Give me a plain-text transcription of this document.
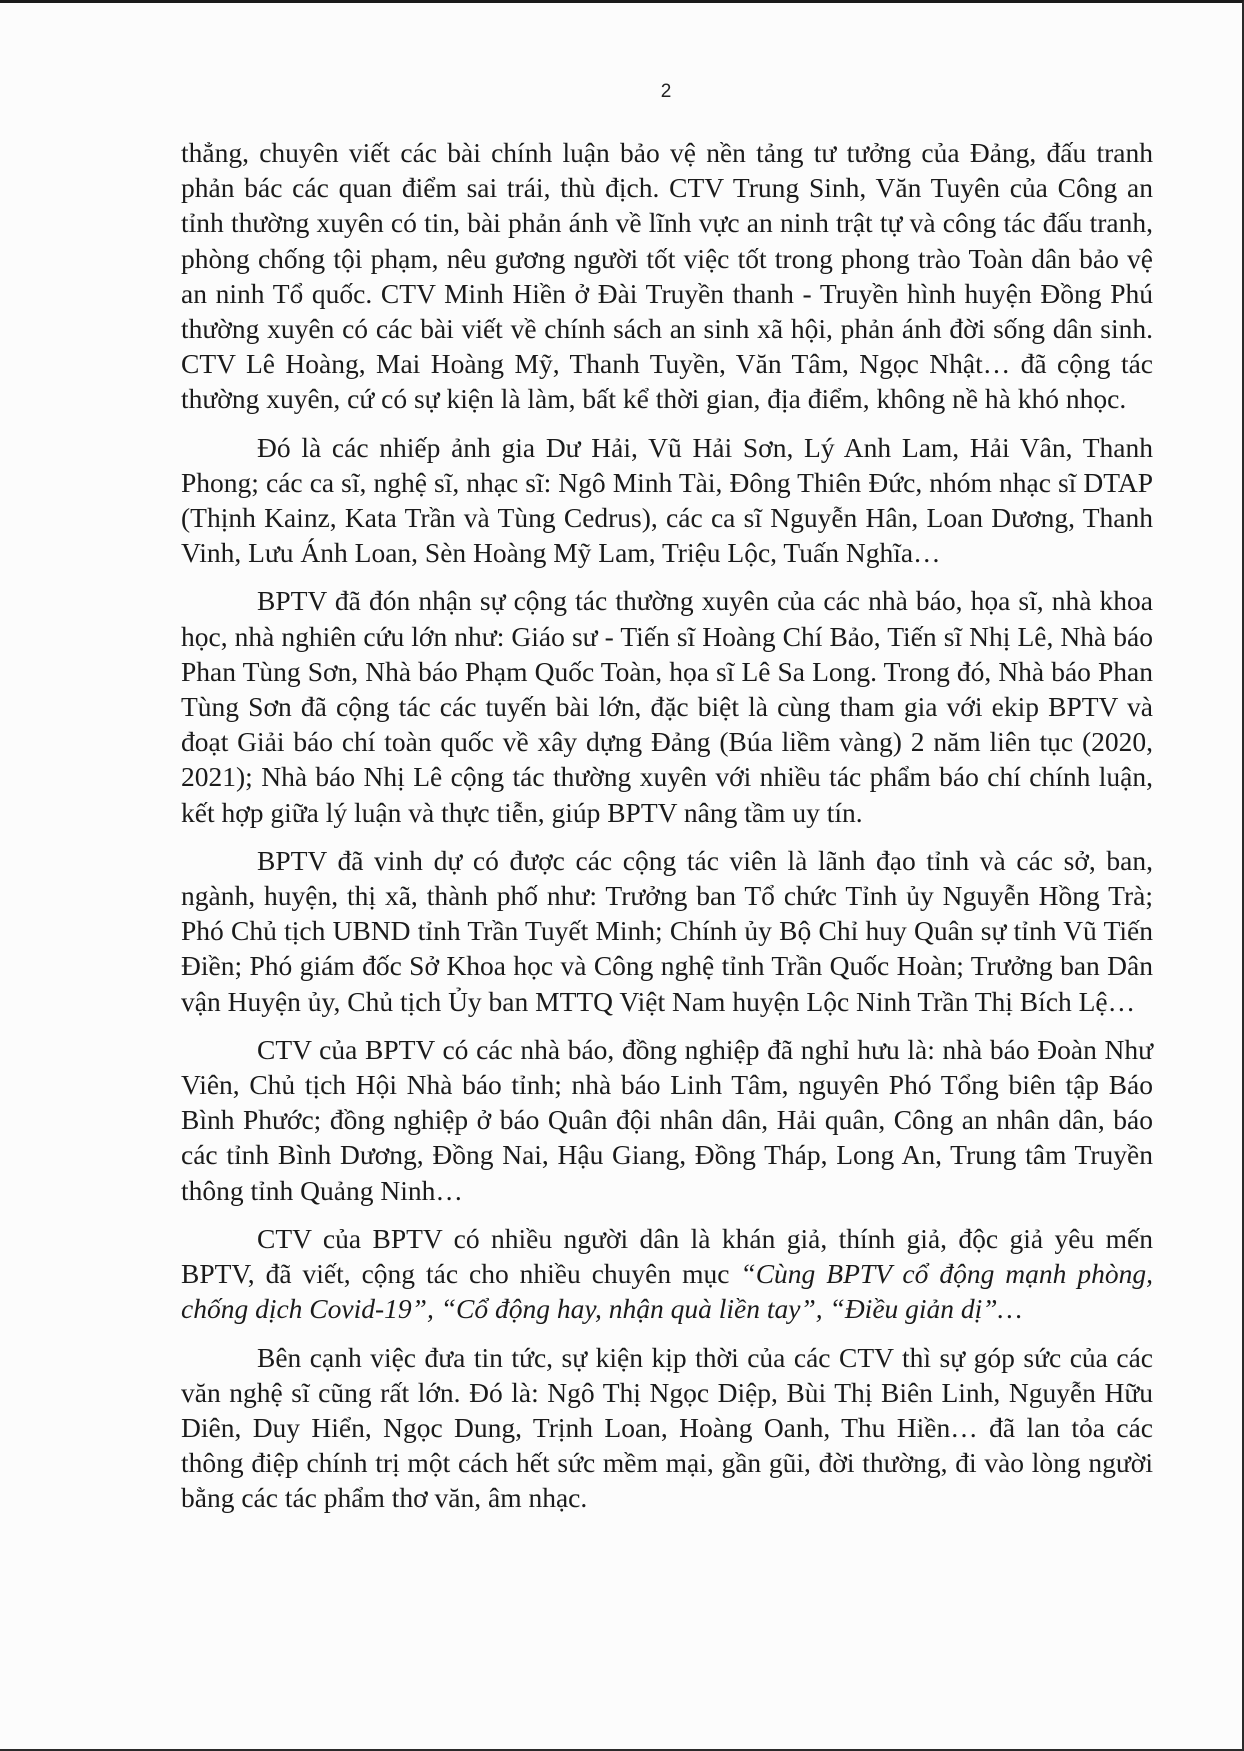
2

thẳng, chuyên viết các bài chính luận bảo vệ nền tảng tư tưởng của Đảng, đấu tranh phản bác các quan điểm sai trái, thù địch. CTV Trung Sinh, Văn Tuyên của Công an tỉnh thường xuyên có tin, bài phản ánh về lĩnh vực an ninh trật tự và công tác đấu tranh, phòng chống tội phạm, nêu gương người tốt việc tốt trong phong trào Toàn dân bảo vệ an ninh Tổ quốc. CTV Minh Hiền ở Đài Truyền thanh - Truyền hình huyện Đồng Phú thường xuyên có các bài viết về chính sách an sinh xã hội, phản ánh đời sống dân sinh. CTV Lê Hoàng, Mai Hoàng Mỹ, Thanh Tuyền, Văn Tâm, Ngọc Nhật… đã cộng tác thường xuyên, cứ có sự kiện là làm, bất kể thời gian, địa điểm, không nề hà khó nhọc.

Đó là các nhiếp ảnh gia Dư Hải, Vũ Hải Sơn, Lý Anh Lam, Hải Vân, Thanh Phong; các ca sĩ, nghệ sĩ, nhạc sĩ: Ngô Minh Tài, Đông Thiên Đức, nhóm nhạc sĩ DTAP (Thịnh Kainz, Kata Trần và Tùng Cedrus), các ca sĩ Nguyễn Hân, Loan Dương, Thanh Vinh, Lưu Ánh Loan, Sèn Hoàng Mỹ Lam, Triệu Lộc, Tuấn Nghĩa…

BPTV đã đón nhận sự cộng tác thường xuyên của các nhà báo, họa sĩ, nhà khoa học, nhà nghiên cứu lớn như: Giáo sư - Tiến sĩ Hoàng Chí Bảo, Tiến sĩ Nhị Lê, Nhà báo Phan Tùng Sơn, Nhà báo Phạm Quốc Toàn, họa sĩ Lê Sa Long. Trong đó, Nhà báo Phan Tùng Sơn đã cộng tác các tuyến bài lớn, đặc biệt là cùng tham gia với ekip BPTV và đoạt Giải báo chí toàn quốc về xây dựng Đảng (Búa liềm vàng) 2 năm liên tục (2020, 2021); Nhà báo Nhị Lê cộng tác thường xuyên với nhiều tác phẩm báo chí chính luận, kết hợp giữa lý luận và thực tiễn, giúp BPTV nâng tầm uy tín.

BPTV đã vinh dự có được các cộng tác viên là lãnh đạo tỉnh và các sở, ban, ngành, huyện, thị xã, thành phố như: Trưởng ban Tổ chức Tỉnh ủy Nguyễn Hồng Trà; Phó Chủ tịch UBND tỉnh Trần Tuyết Minh; Chính ủy Bộ Chỉ huy Quân sự tỉnh Vũ Tiến Điền; Phó giám đốc Sở Khoa học và Công nghệ tỉnh Trần Quốc Hoàn; Trưởng ban Dân vận Huyện ủy, Chủ tịch Ủy ban MTTQ Việt Nam huyện Lộc Ninh Trần Thị Bích Lệ…

CTV của BPTV có các nhà báo, đồng nghiệp đã nghỉ hưu là: nhà báo Đoàn Như Viên, Chủ tịch Hội Nhà báo tỉnh; nhà báo Linh Tâm, nguyên Phó Tổng biên tập Báo Bình Phước; đồng nghiệp ở báo Quân đội nhân dân, Hải quân, Công an nhân dân, báo các tỉnh Bình Dương, Đồng Nai, Hậu Giang, Đồng Tháp, Long An, Trung tâm Truyền thông tỉnh Quảng Ninh…

CTV của BPTV có nhiều người dân là khán giả, thính giả, độc giả yêu mến BPTV, đã viết, cộng tác cho nhiều chuyên mục “Cùng BPTV cổ động mạnh phòng, chống dịch Covid-19”, “Cổ động hay, nhận quà liền tay”, “Điều giản dị”…

Bên cạnh việc đưa tin tức, sự kiện kịp thời của các CTV thì sự góp sức của các văn nghệ sĩ cũng rất lớn. Đó là: Ngô Thị Ngọc Diệp, Bùi Thị Biên Linh, Nguyễn Hữu Diên, Duy Hiển, Ngọc Dung, Trịnh Loan, Hoàng Oanh, Thu Hiền… đã lan tỏa các thông điệp chính trị một cách hết sức mềm mại, gần gũi, đời thường, đi vào lòng người bằng các tác phẩm thơ văn, âm nhạc.
